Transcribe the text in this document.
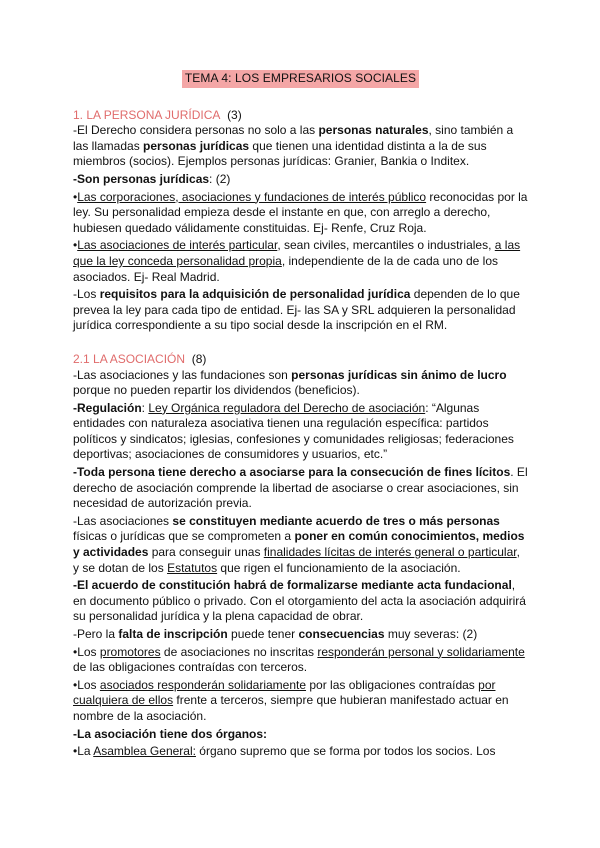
TEMA 4: LOS EMPRESARIOS SOCIALES

1. LA PERSONA JURÍDICA (3)

-El Derecho considera personas no solo a las personas naturales, sino también a las llamadas personas jurídicas que tienen una identidad distinta a la de sus miembros (socios). Ejemplos personas jurídicas: Granier, Bankia o Inditex.

-Son personas jurídicas: (2)

•Las corporaciones, asociaciones y fundaciones de interés público reconocidas por la ley. Su personalidad empieza desde el instante en que, con arreglo a derecho, hubiesen quedado válidamente constituidas. Ej- Renfe, Cruz Roja.

•Las asociaciones de interés particular, sean civiles, mercantiles o industriales, a las que la ley conceda personalidad propia, independiente de la de cada uno de los asociados. Ej- Real Madrid.

-Los requisitos para la adquisición de personalidad jurídica dependen de lo que prevea la ley para cada tipo de entidad. Ej- las SA y SRL adquieren la personalidad jurídica correspondiente a su tipo social desde la inscripción en el RM.

2.1 LA ASOCIACIÓN (8)

-Las asociaciones y las fundaciones son personas jurídicas sin ánimo de lucro porque no pueden repartir los dividendos (beneficios).

-Regulación: Ley Orgánica reguladora del Derecho de asociación: “Algunas entidades con naturaleza asociativa tienen una regulación específica: partidos políticos y sindicatos; iglesias, confesiones y comunidades religiosas; federaciones deportivas; asociaciones de consumidores y usuarios, etc.”

-Toda persona tiene derecho a asociarse para la consecución de fines lícitos. El derecho de asociación comprende la libertad de asociarse o crear asociaciones, sin necesidad de autorización previa.

-Las asociaciones se constituyen mediante acuerdo de tres o más personas físicas o jurídicas que se comprometen a poner en común conocimientos, medios y actividades para conseguir unas finalidades lícitas de interés general o particular, y se dotan de los Estatutos que rigen el funcionamiento de la asociación.

-El acuerdo de constitución habrá de formalizarse mediante acta fundacional, en documento público o privado. Con el otorgamiento del acta la asociación adquirirá su personalidad jurídica y la plena capacidad de obrar.

-Pero la falta de inscripción puede tener consecuencias muy severas: (2)

•Los promotores de asociaciones no inscritas responderán personal y solidariamente de las obligaciones contraídas con terceros.

•Los asociados responderán solidariamente por las obligaciones contraídas por cualquiera de ellos frente a terceros, siempre que hubieran manifestado actuar en nombre de la asociación.

-La asociación tiene dos órganos:

•La Asamblea General: órgano supremo que se forma por todos los socios. Los
